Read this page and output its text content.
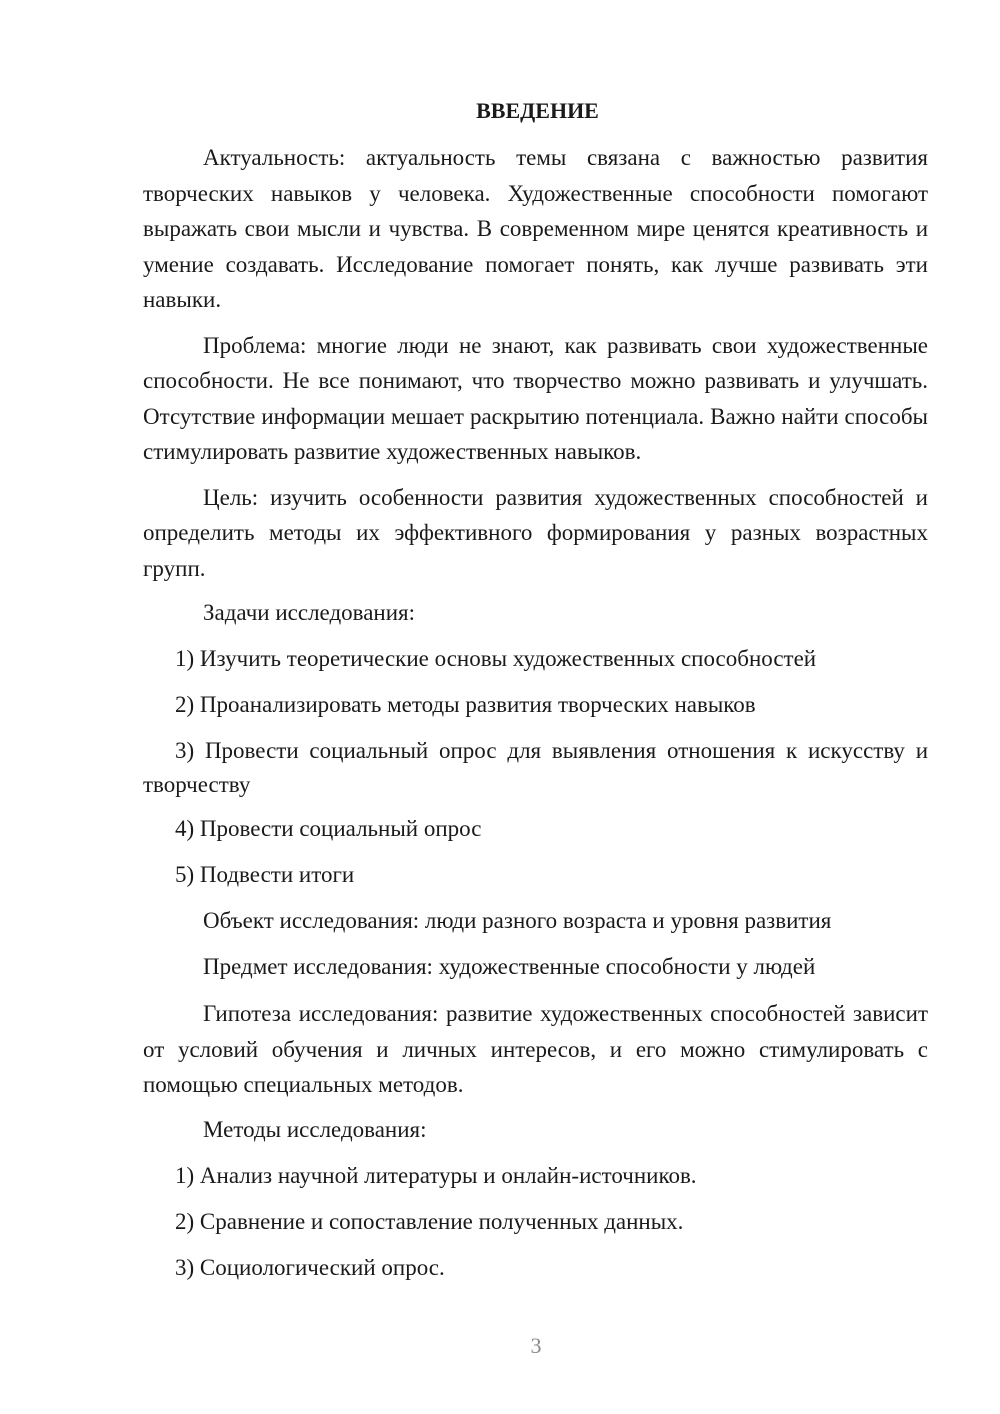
ВВЕДЕНИЕ

Актуальность: актуальность темы связана с важностью развития творческих навыков у человека. Художественные способности помогают выражать свои мысли и чувства. В современном мире ценятся креативность и умение создавать. Исследование помогает понять, как лучше развивать эти навыки.

Проблема: многие люди не знают, как развивать свои художественные способности. Не все понимают, что творчество можно развивать и улучшать. Отсутствие информации мешает раскрытию потенциала. Важно найти способы стимулировать развитие художественных навыков.

Цель: изучить особенности развития художественных способностей и определить методы их эффективного формирования у разных возрастных групп.

Задачи исследования:

1) Изучить теоретические основы художественных способностей

2) Проанализировать методы развития творческих навыков

3) Провести социальный опрос для выявления отношения к искусству и творчеству

4) Провести социальный опрос

5) Подвести итоги

Объект исследования: люди разного возраста и уровня развития

Предмет исследования: художественные способности у людей

Гипотеза исследования: развитие художественных способностей зависит от условий обучения и личных интересов, и его можно стимулировать с помощью специальных методов.

Методы исследования:

1) Анализ научной литературы и онлайн-источников.

2) Сравнение и сопоставление полученных данных.

3) Социологический опрос.

3
